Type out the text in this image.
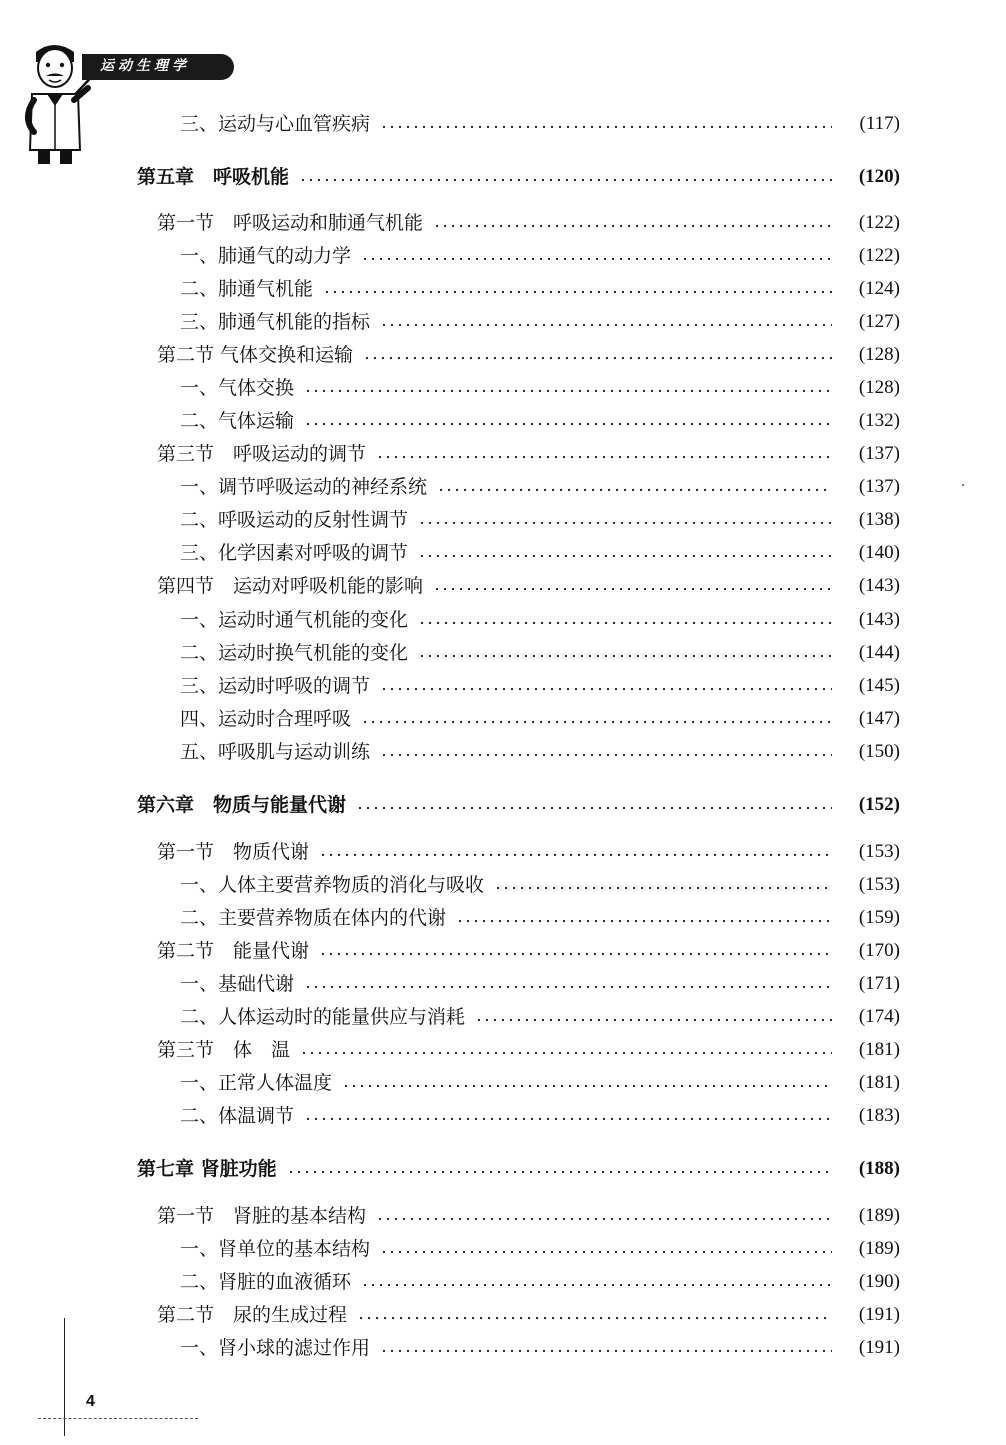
运动生理学
三、运动与心血管疾病	(117)
第五章　呼吸机能	(120)
第一节　呼吸运动和肺通气机能	(122)
一、肺通气的动力学	(122)
二、肺通气机能	(124)
三、肺通气机能的指标	(127)
第二节 气体交换和运输	(128)
一、气体交换	(128)
二、气体运输	(132)
第三节　呼吸运动的调节	(137)
一、调节呼吸运动的神经系统	(137)
二、呼吸运动的反射性调节	(138)
三、化学因素对呼吸的调节	(140)
第四节　运动对呼吸机能的影响	(143)
一、运动时通气机能的变化	(143)
二、运动时换气机能的变化	(144)
三、运动时呼吸的调节	(145)
四、运动时合理呼吸	(147)
五、呼吸肌与运动训练	(150)
第六章　物质与能量代谢	(152)
第一节　物质代谢	(153)
一、人体主要营养物质的消化与吸收	(153)
二、主要营养物质在体内的代谢	(159)
第二节　能量代谢	(170)
一、基础代谢	(171)
二、人体运动时的能量供应与消耗	(174)
第三节　体　温	(181)
一、正常人体温度	(181)
二、体温调节	(183)
第七章 肾脏功能	(188)
第一节　肾脏的基本结构	(189)
一、肾单位的基本结构	(189)
二、肾脏的血液循环	(190)
第二节　尿的生成过程	(191)
一、肾小球的滤过作用	(191)
4
